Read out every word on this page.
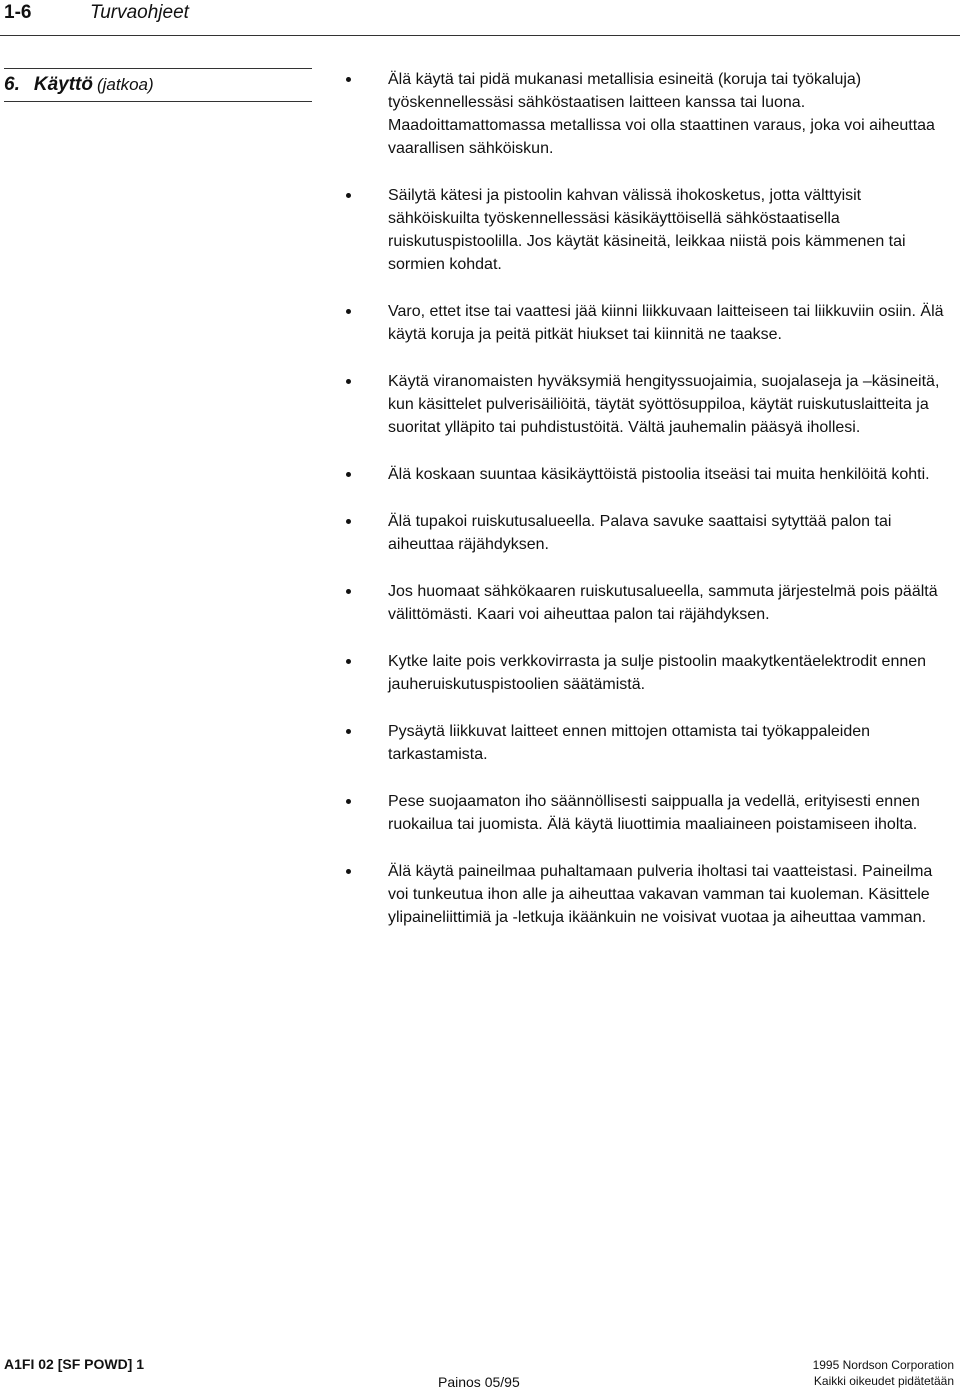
1-6	Turvaohjeet
6. Käyttö (jatkoa)	Älä käytä tai pidä mukanasi metallisia esineitä (koruja tai työkaluja) työskennellessäsi sähköstaatisen laitteen kanssa tai luona. Maadoittamattomassa metallissa voi olla staattinen varaus, joka voi aiheuttaa vaarallisen sähköiskun.
Säilytä kätesi ja pistoolin kahvan välissä ihokosketus, jotta välttyisit sähköiskuilta työskennellessäsi käsikäyttöisellä sähköstaatisella ruiskutuspistoolilla. Jos käytät käsineitä, leikkaa niistä pois kämmenen tai sormien kohdat.
Varo, ettet itse tai vaattesi jää kiinni liikkuvaan laitteiseen tai liikkuviin osiin. Älä käytä koruja ja peitä pitkät hiukset tai kiinnitä ne taakse.
Käytä viranomaisten hyväksymiä hengityssuojaimia, suojalaseja ja –käsineitä, kun käsittelet pulverisäiliöitä, täytät syöttösuppiloa, käytät ruiskutuslaitteita ja suoritat ylläpito tai puhdistustöitä. Vältä jauhemalin pääsyä ihollesi.
Älä koskaan suuntaa käsikäyttöistä pistoolia itseäsi tai muita henkilöitä kohti.
Älä tupakoi ruiskutusalueella. Palava savuke saattaisi sytyttää palon tai aiheuttaa räjähdyksen.
Jos huomaat sähkökaaren ruiskutusalueella, sammuta järjestelmä pois päältä välittömästi. Kaari voi aiheuttaa palon tai räjähdyksen.
Kytke laite pois verkkovirrasta ja sulje pistoolin maakytkentäelektrodit ennen jauheruiskutuspistoolien säätämistä.
Pysäytä liikkuvat laitteet ennen mittojen ottamista tai työkappaleiden tarkastamista.
Pese suojaamaton iho säännöllisesti saippualla ja vedellä, erityisesti ennen ruokailua tai juomista. Älä käytä liuottimia maaliaineen poistamiseen iholta.
Älä käytä paineilmaa puhaltamaan pulveria iholtasi tai vaatteistasi. Paineilma voi tunkeutua ihon alle ja aiheuttaa vakavan vamman tai kuoleman. Käsittele ylipaineliittimiä ja -letkuja ikäänkuin ne voisivat vuotaa ja aiheuttaa vamman.
A1FI 02 [SF POWD] 1
Painos 05/95
1995 Nordson Corporation
Kaikki oikeudet pidätetään
